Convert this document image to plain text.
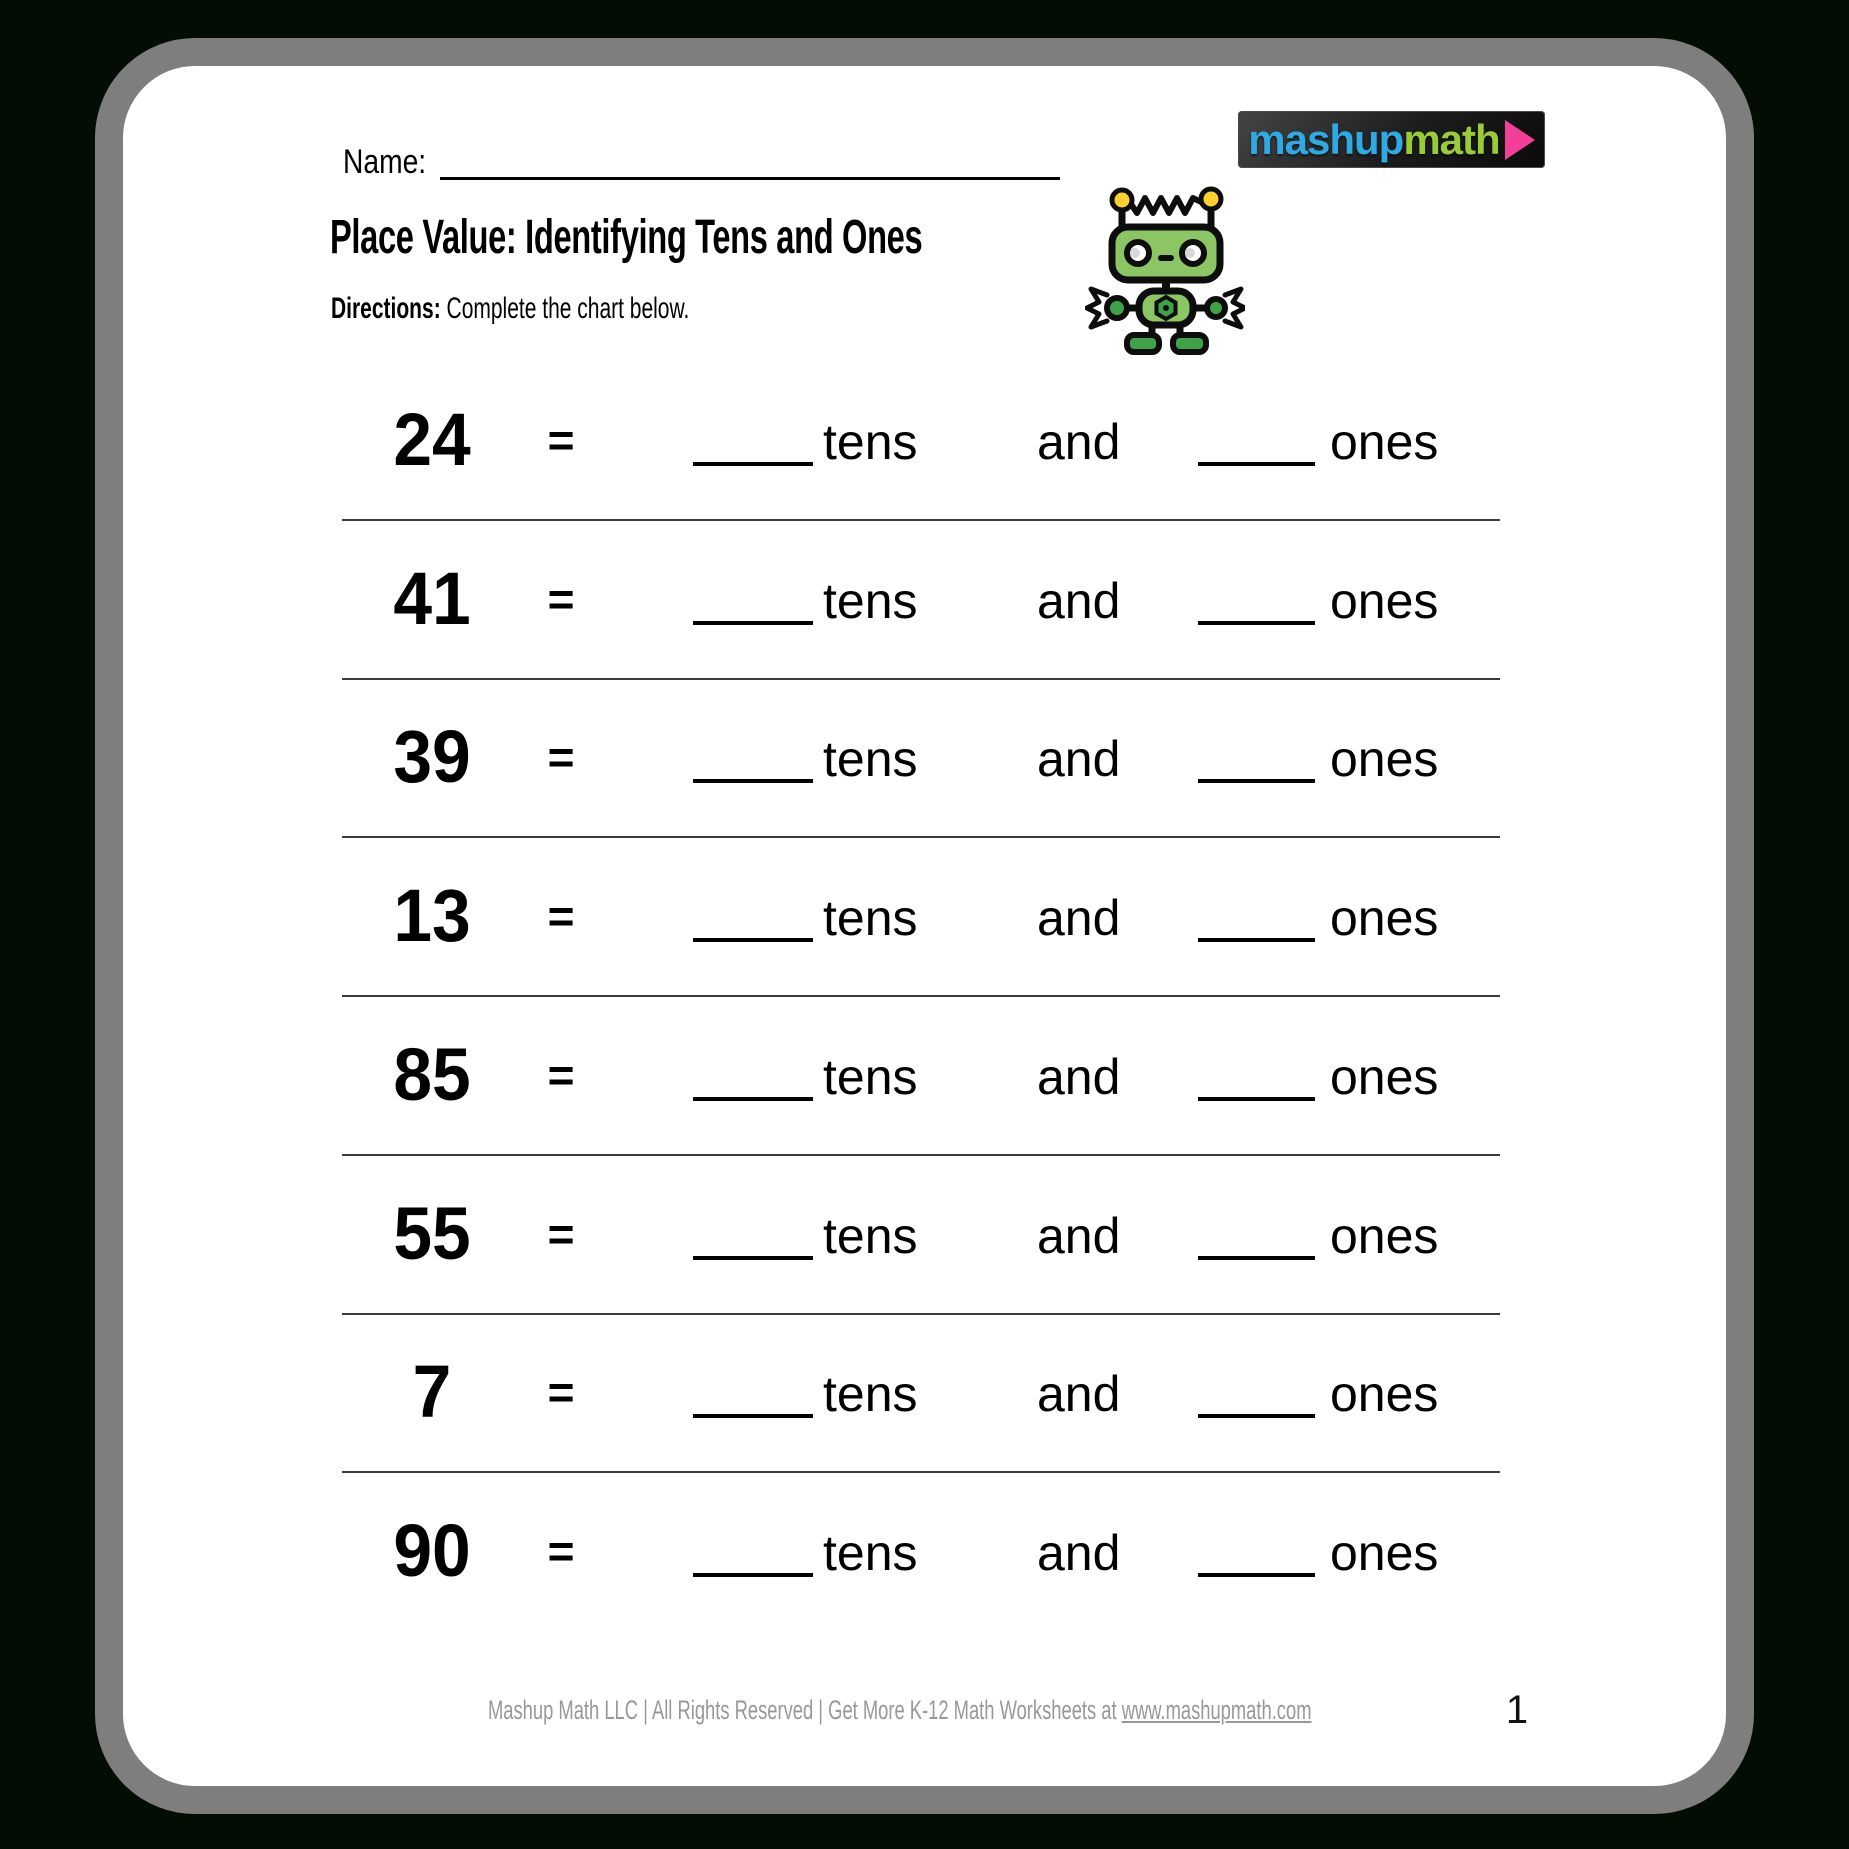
Name:
Place Value: Identifying Tens and Ones
Directions: Complete the chart below.
mashup math
24	=	tens and	ones
41	=	tens and	ones
39	=	tens and	ones
13	=	tens and	ones
85	=	tens and	ones
55	=	tens and	ones
7	=	tens and	ones
90	=	tens and	ones
Mashup Math LLC | All Rights Reserved | Get More K-12 Math Worksheets at www.mashupmath.com	1
